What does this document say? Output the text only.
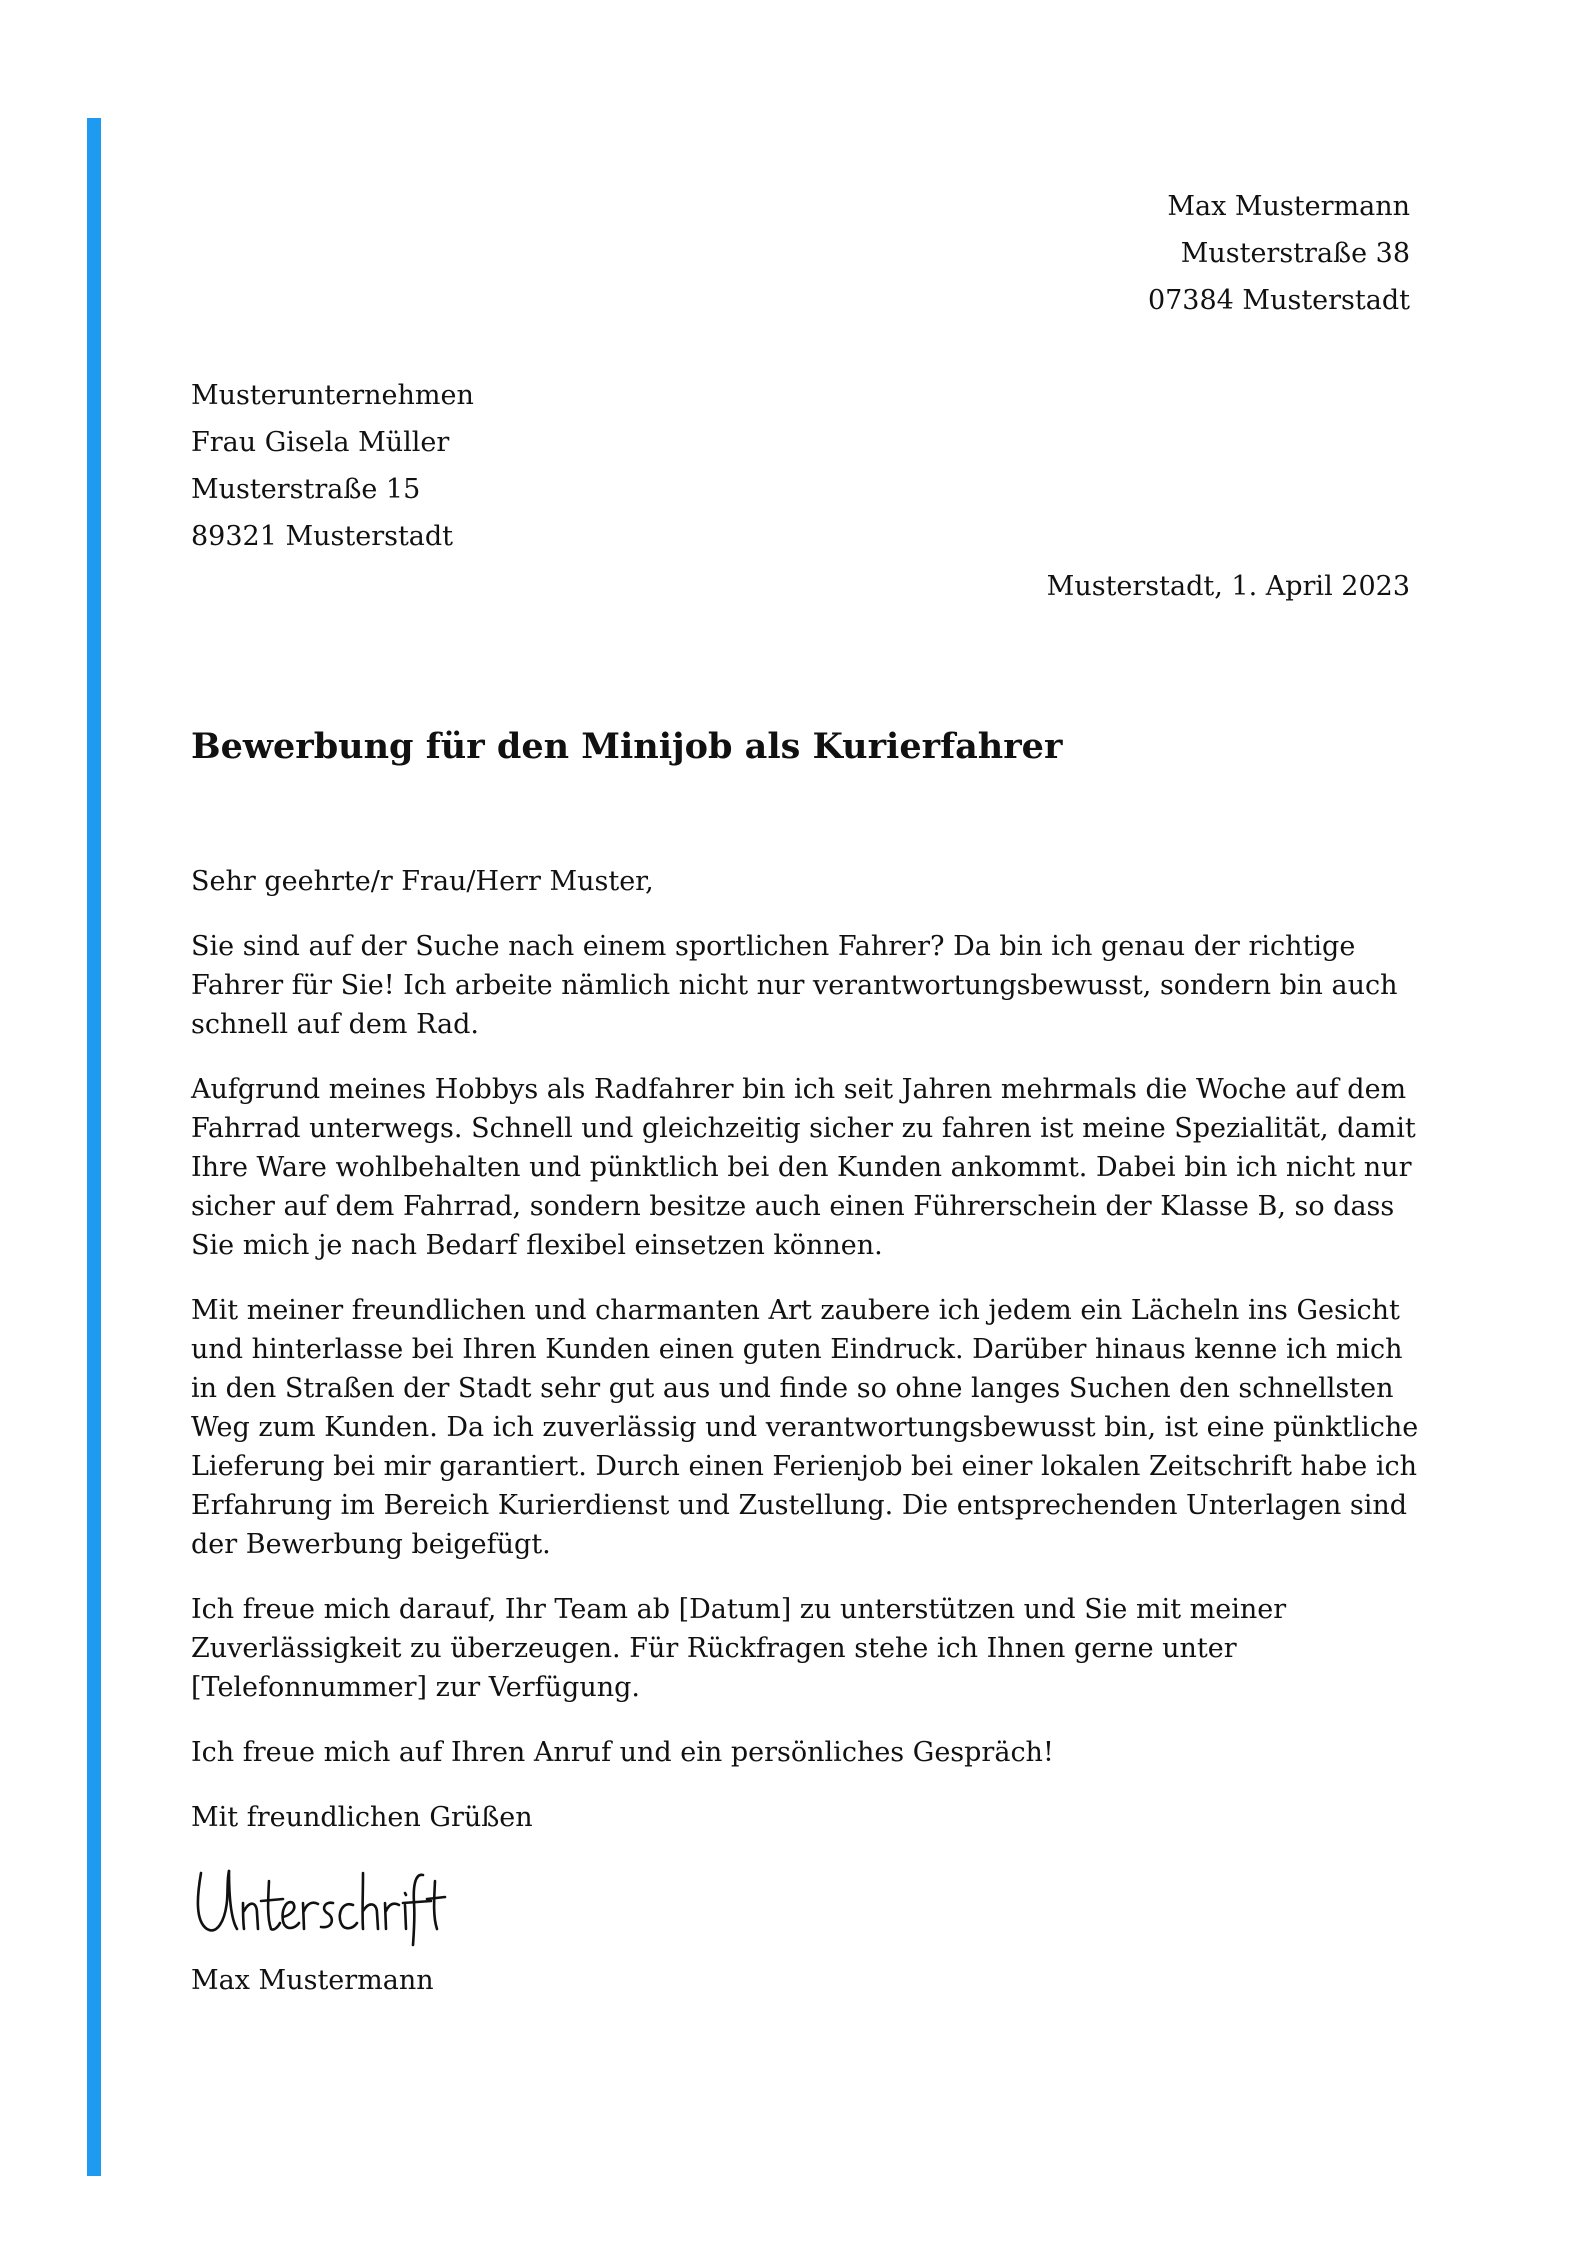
Max Mustermann
Musterstraße 38
07384 Musterstadt
Musterunternehmen
Frau Gisela Müller
Musterstraße 15
89321 Musterstadt
Musterstadt, 1. April 2023
Bewerbung für den Minijob als Kurierfahrer

Sehr geehrte/r Frau/Herr Muster,

Sie sind auf der Suche nach einem sportlichen Fahrer? Da bin ich genau der richtige Fahrer für Sie! Ich arbeite nämlich nicht nur verantwortungsbewusst, sondern bin auch schnell auf dem Rad.

Aufgrund meines Hobbys als Radfahrer bin ich seit Jahren mehrmals die Woche auf dem Fahrrad unterwegs. Schnell und gleichzeitig sicher zu fahren ist meine Spezialität, damit Ihre Ware wohlbehalten und pünktlich bei den Kunden ankommt. Dabei bin ich nicht nur sicher auf dem Fahrrad, sondern besitze auch einen Führerschein der Klasse B, so dass Sie mich je nach Bedarf flexibel einsetzen können.

Mit meiner freundlichen und charmanten Art zaubere ich jedem ein Lächeln ins Gesicht und hinterlasse bei Ihren Kunden einen guten Eindruck. Darüber hinaus kenne ich mich in den Straßen der Stadt sehr gut aus und finde so ohne langes Suchen den schnellsten Weg zum Kunden. Da ich zuverlässig und verantwortungsbewusst bin, ist eine pünktliche Lieferung bei mir garantiert. Durch einen Ferienjob bei einer lokalen Zeitschrift habe ich Erfahrung im Bereich Kurierdienst und Zustellung. Die entsprechenden Unterlagen sind der Bewerbung beigefügt.

Ich freue mich darauf, Ihr Team ab [Datum] zu unterstützen und Sie mit meiner Zuverlässigkeit zu überzeugen. Für Rückfragen stehe ich Ihnen gerne unter [Telefonnummer] zur Verfügung.

Ich freue mich auf Ihren Anruf und ein persönliches Gespräch!

Mit freundlichen Grüßen

Max Mustermann
